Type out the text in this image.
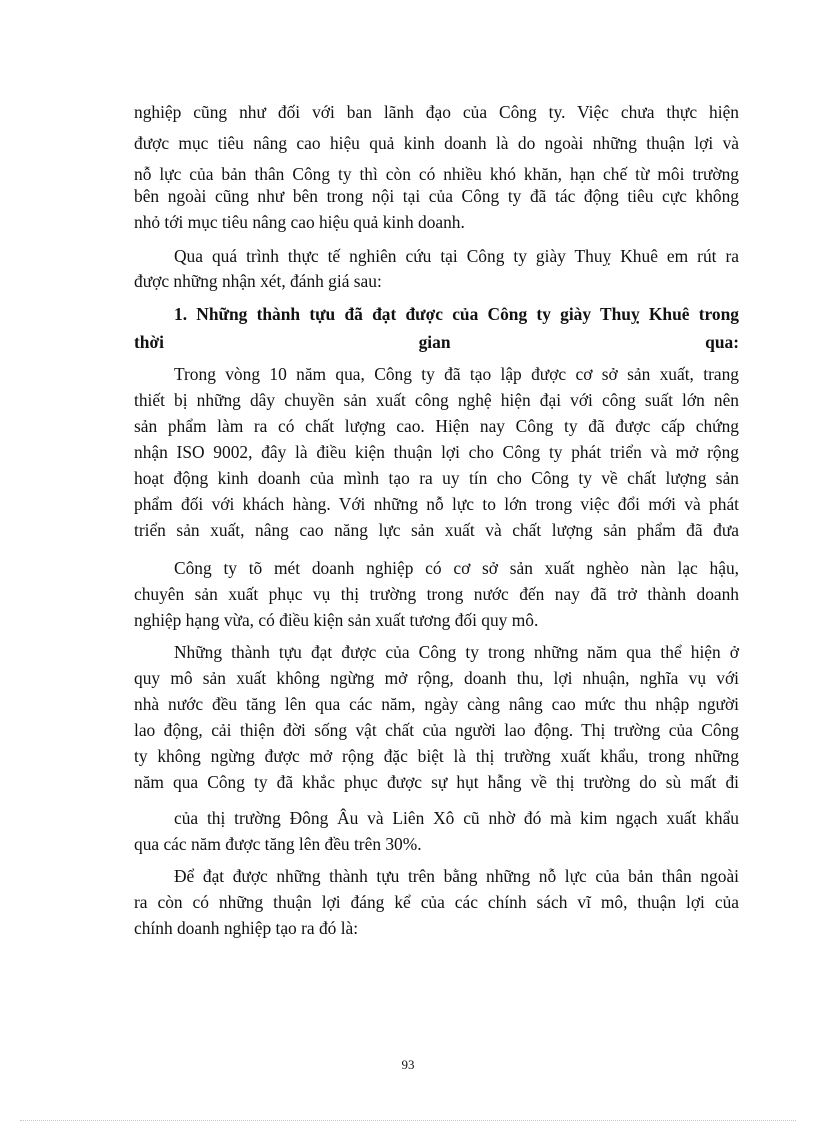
nghiệp cũng như đối với ban lãnh đạo của Công ty. Việc chưa thực hiện
được mục tiêu nâng cao hiệu quả kinh doanh là do ngoài những thuận lợi và
nỗ lực của bản thân Công ty thì còn có nhiều khó khăn, hạn chế từ môi trường
bên ngoài cũng như bên trong nội tại của Công ty đã tác động tiêu cực không
nhỏ tới mục tiêu nâng cao hiệu quả kinh doanh.
Qua quá trình thực tế nghiên cứu tại Công ty giày Thuỵ Khuê em rút ra
được những nhận xét, đánh giá sau:
1. Những thành tựu đã đạt được của Công ty giày Thuỵ Khuê trong
thời gian qua:
Trong vòng 10 năm qua, Công ty đã tạo lập được cơ sở sản xuất, trang
thiết bị những dây chuyền sản xuất công nghệ hiện đại với công suất lớn nên
sản phẩm làm ra có chất lượng cao. Hiện nay Công ty đã được cấp chứng
nhận ISO 9002, đây là điều kiện thuận lợi cho Công ty phát triển và mở rộng
hoạt động kinh doanh của mình tạo ra uy tín cho Công ty về chất lượng sản
phẩm đối với khách hàng. Với những nỗ lực to lớn trong việc đổi mới và phát
triển sản xuất, nâng cao năng lực sản xuất và chất lượng sản phẩm đã đưa
Công ty tõ mét doanh nghiệp có cơ sở sản xuất nghèo nàn lạc hậu,
chuyên sản xuất phục vụ thị trường trong nước đến nay đã trở thành doanh
nghiệp hạng vừa, có điều kiện sản xuất tương đối quy mô.
Những thành tựu đạt được của Công ty trong những năm qua thể hiện ở
quy mô sản xuất không ngừng mở rộng, doanh thu, lợi nhuận, nghĩa vụ với
nhà nước đều tăng lên qua các năm, ngày càng nâng cao mức thu nhập người
lao động, cải thiện đời sống vật chất của người lao động. Thị trường của Công
ty không ngừng được mở rộng đặc biệt là thị trường xuất khẩu, trong những
năm qua Công ty đã khắc phục được sự hụt hẫng về thị trường do sù mất đi
của thị trường Đông Âu và Liên Xô cũ nhờ đó mà kim ngạch xuất khẩu
qua các năm được tăng lên đều trên 30%.
Để đạt được những thành tựu trên bằng những nỗ lực của bản thân ngoài
ra còn có những thuận lợi đáng kể của các chính sách vĩ mô, thuận lợi của
chính doanh nghiệp tạo ra đó là:
93
